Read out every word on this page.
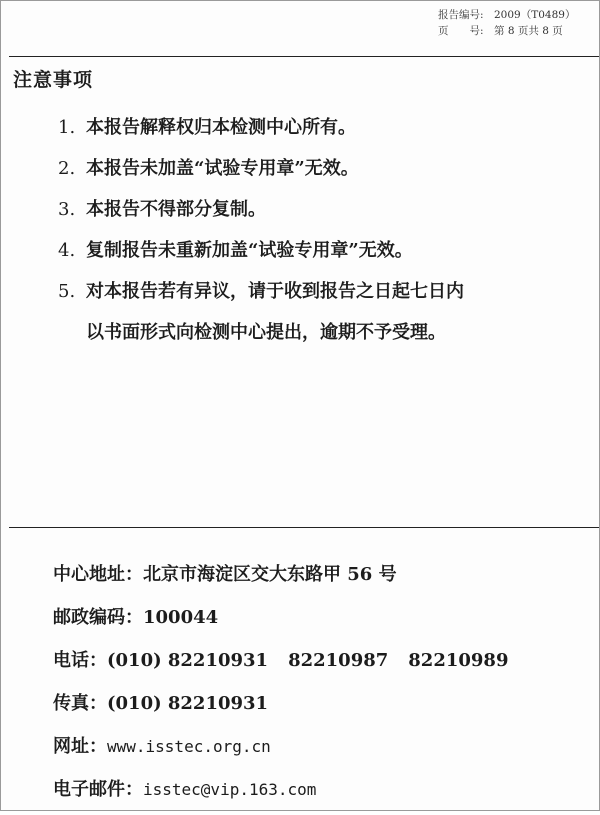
报告编号: 2009（T0489）
页　　号: 第 8 页共 8 页
注意事项
1. 本报告解释权归本检测中心所有。
2. 本报告未加盖“试验专用章”无效。
3. 本报告不得部分复制。
4. 复制报告未重新加盖“试验专用章”无效。
5. 对本报告若有异议，请于收到报告之日起七日内
以书面形式向检测中心提出，逾期不予受理。
中心地址：北京市海淀区交大东路甲 56 号
邮政编码：100044
电话：(010) 82210931 82210987 82210989
传真：(010) 82210931
网址：www.isstec.org.cn
电子邮件：isstec@vip.163.com
